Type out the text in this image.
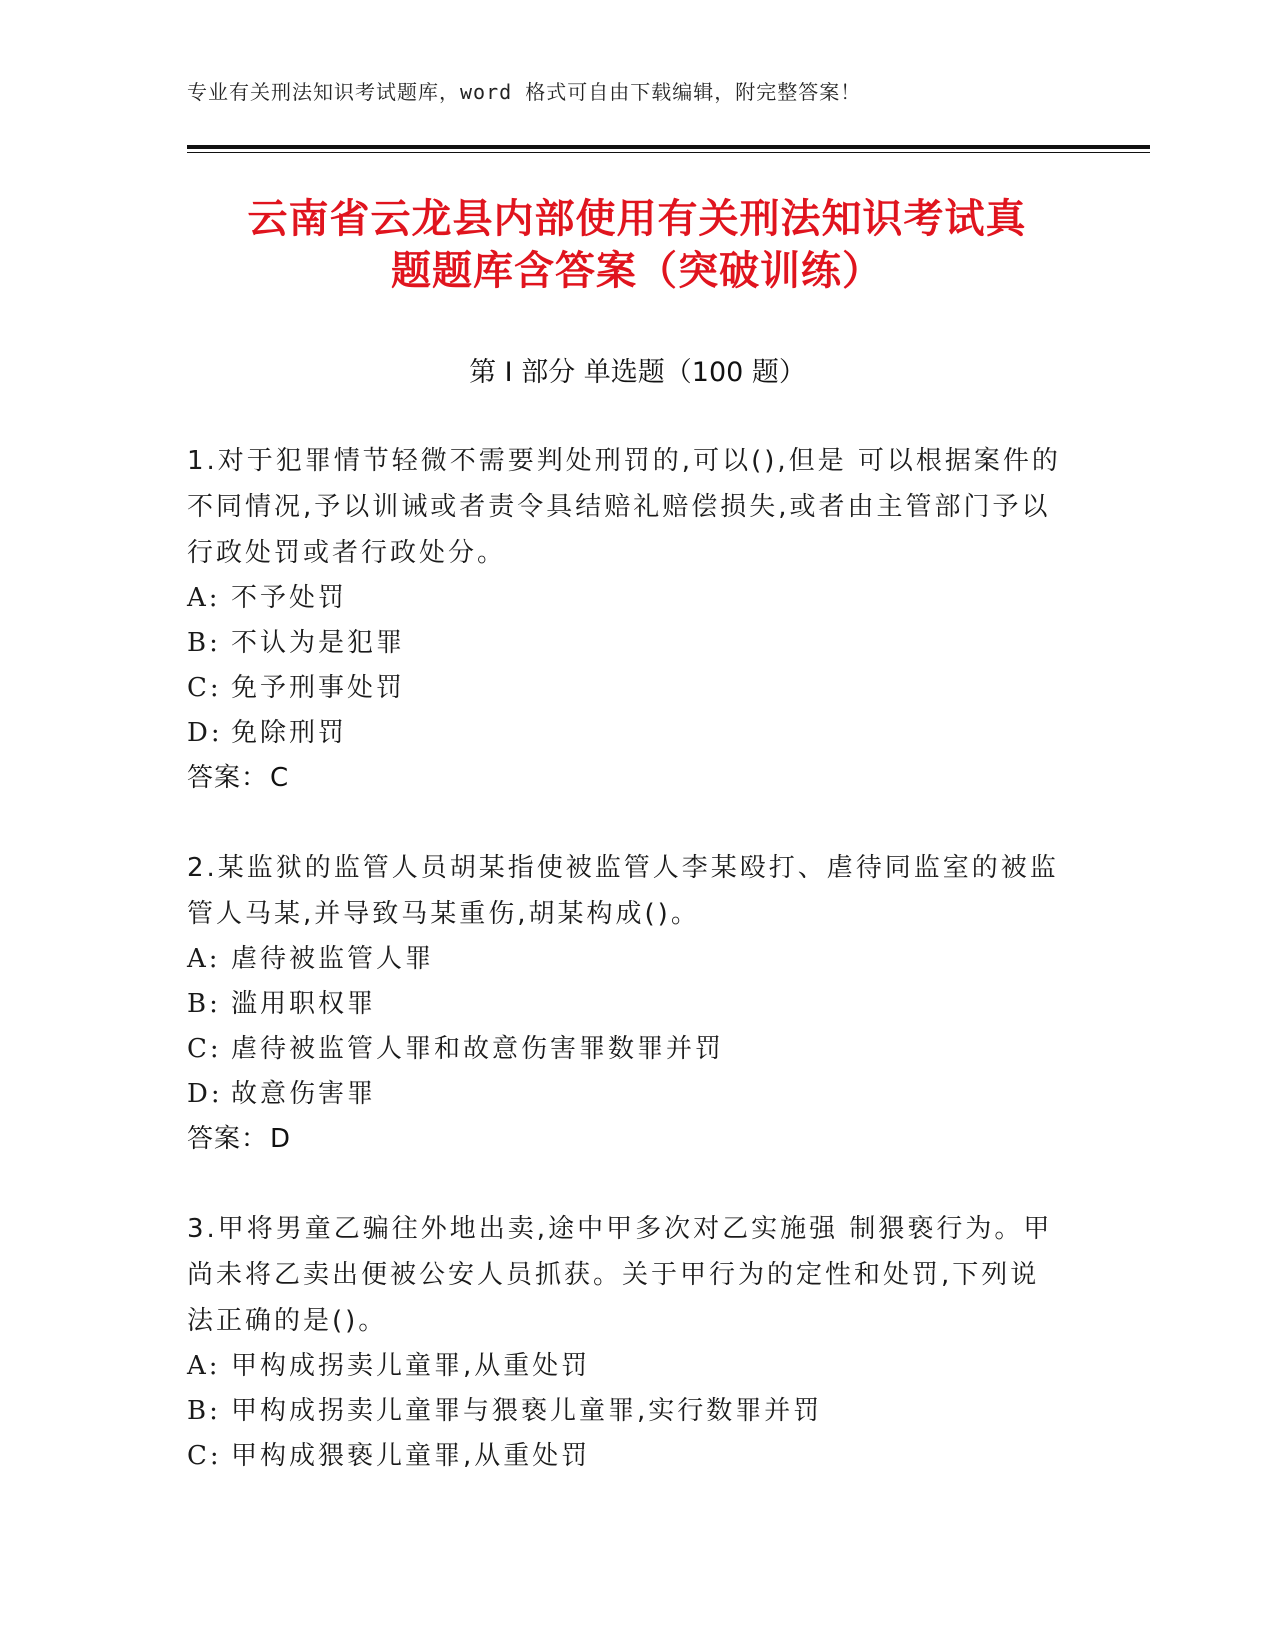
专业有关刑法知识考试题库，word 格式可自由下载编辑，附完整答案！
云南省云龙县内部使用有关刑法知识考试真
题题库含答案（突破训练）
第 I 部分 单选题（100 题）
1.对于犯罪情节轻微不需要判处刑罚的,可以(),但是 可以根据案件的不同情况,予以训诫或者责令具结赔礼赔偿损失,或者由主管部门予以行政处罚或者行政处分。
A: 不予处罚
B: 不认为是犯罪
C: 免予刑事处罚
D: 免除刑罚
答案：C
2.某监狱的监管人员胡某指使被监管人李某殴打、虐待同监室的被监管人马某,并导致马某重伤,胡某构成()。
A: 虐待被监管人罪
B: 滥用职权罪
C: 虐待被监管人罪和故意伤害罪数罪并罚
D: 故意伤害罪
答案：D
3.甲将男童乙骗往外地出卖,途中甲多次对乙实施强 制猥亵行为。甲尚未将乙卖出便被公安人员抓获。关于甲行为的定性和处罚,下列说法正确的是()。
A: 甲构成拐卖儿童罪,从重处罚
B: 甲构成拐卖儿童罪与猥亵儿童罪,实行数罪并罚
C: 甲构成猥亵儿童罪,从重处罚
